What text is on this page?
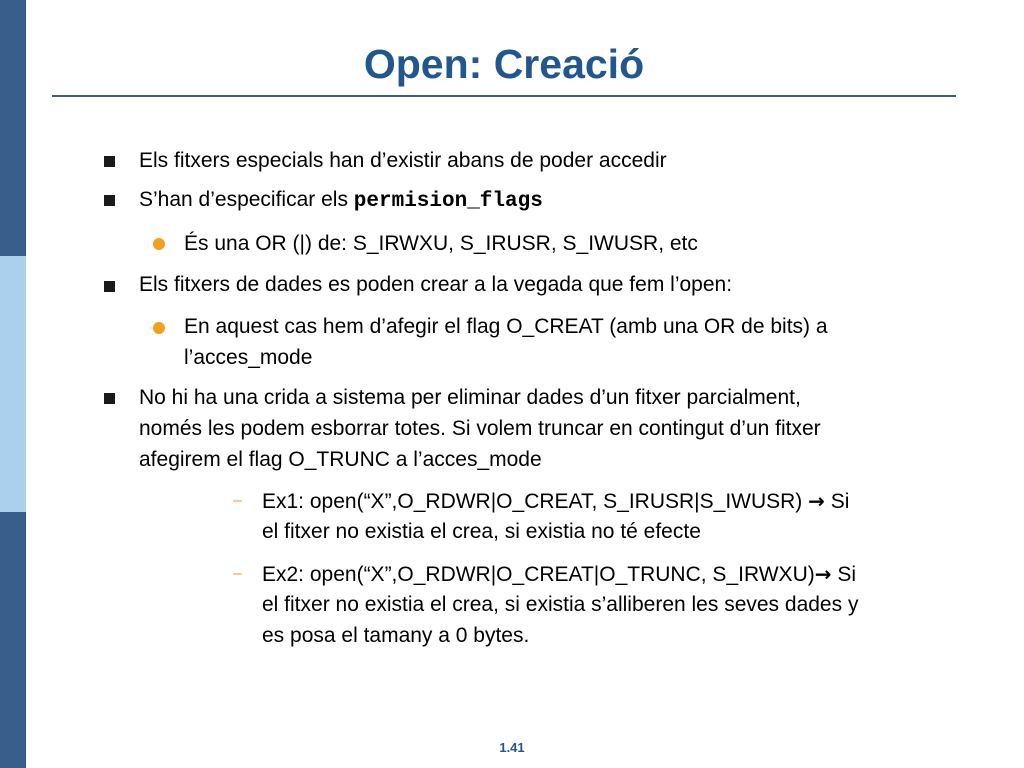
Open: Creació
Els fitxers especials han d’existir abans de poder accedir
S’han d’especificar els permision_flags
És una OR (|) de: S_IRWXU, S_IRUSR, S_IWUSR, etc
Els fitxers de dades es poden crear a la vegada que fem l’open:
En aquest cas hem d’afegir el flag O_CREAT (amb una OR de bits) a
l’acces_mode
No hi ha una crida a sistema per eliminar dades d’un fitxer parcialment,
només les podem esborrar totes. Si volem truncar en contingut d’un fitxer
afegirem el flag O_TRUNC a l’acces_mode
– Ex1: open(“X”,O_RDWR|O_CREAT, S_IRUSR|S_IWUSR) → Si
el fitxer no existia el crea, si existia no té efecte
– Ex2: open(“X”,O_RDWR|O_CREAT|O_TRUNC, S_IRWXU)→ Si
el fitxer no existia el crea, si existia s’alliberen les seves dades y
es posa el tamany a 0 bytes.
1.41
